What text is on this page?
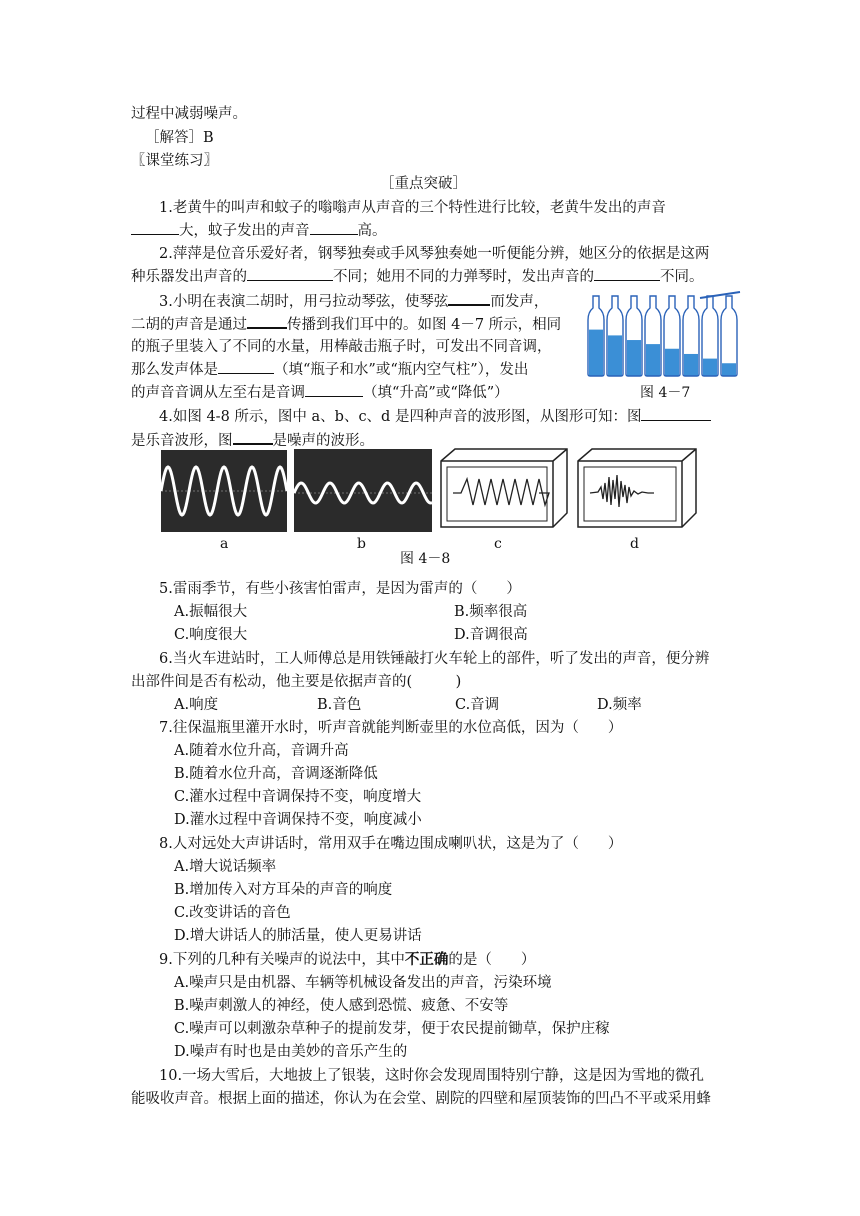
过程中减弱噪声。
［解答］B
〖课堂练习〗
［重点突破］
1.老黄牛的叫声和蚊子的嗡嗡声从声音的三个特性进行比较，老黄牛发出的声音
大，蚊子发出的声音	高。
2.萍萍是位音乐爱好者，钢琴独奏或手风琴独奏她一听便能分辨，她区分的依据是这两
种乐器发出声音的	不同；她用不同的力弹琴时，发出声音的	不同。
3.小明在表演二胡时，用弓拉动琴弦，使琴弦	而发声，
二胡的声音是通过	传播到我们耳中的。如图 4－7 所示，相同
的瓶子里装入了不同的水量，用棒敲击瓶子时，可发出不同音调，
那么发声体是	（填“瓶子和水”或“瓶内空气柱”），发出
的声音音调从左至右是音调	（填“升高”或“降低”）	图 4－7
4.如图 4-8 所示，图中 a、b、c、d 是四种声音的波形图，从图形可知：图
是乐音波形，图	是噪声的波形。
a	b	c	d
图 4－8
5.雷雨季节，有些小孩害怕雷声，是因为雷声的（　　）
A.振幅很大	B.频率很高
C.响度很大	D.音调很高
6.当火车进站时，工人师傅总是用铁锤敲打火车轮上的部件，听了发出的声音，便分辨
出部件间是否有松动，他主要是依据声音的(　　　)
A.响度	B.音色	C.音调	D.频率
7.往保温瓶里灌开水时，听声音就能判断壶里的水位高低，因为（　　）
A.随着水位升高，音调升高
B.随着水位升高，音调逐渐降低
C.灌水过程中音调保持不变，响度增大
D.灌水过程中音调保持不变，响度减小
8.人对远处大声讲话时，常用双手在嘴边围成喇叭状，这是为了（　　）
A.增大说话频率
B.增加传入对方耳朵的声音的响度
C.改变讲话的音色
D.增大讲话人的肺活量，使人更易讲话
9.下列的几种有关噪声的说法中，其中不正确的是（　　）
A.噪声只是由机器、车辆等机械设备发出的声音，污染环境
B.噪声刺激人的神经，使人感到恐慌、疲惫、不安等
C.噪声可以刺激杂草种子的提前发芽，便于农民提前锄草，保护庄稼
D.噪声有时也是由美妙的音乐产生的
10.一场大雪后，大地披上了银装，这时你会发现周围特别宁静，这是因为雪地的微孔
能吸收声音。根据上面的描述，你认为在会堂、剧院的四壁和屋顶装饰的凹凸不平或采用蜂
